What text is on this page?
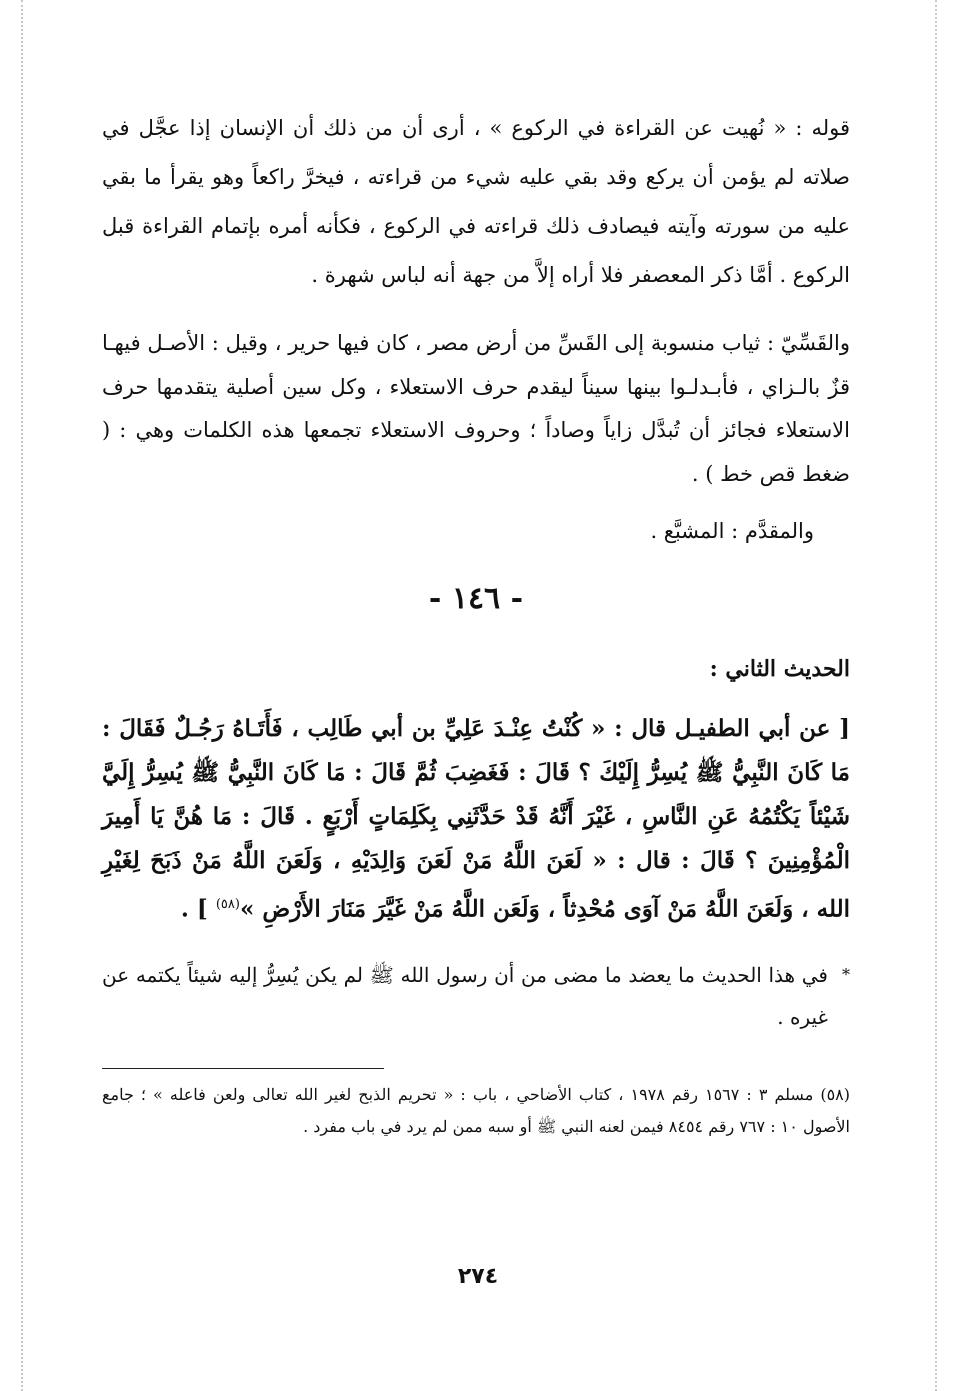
قوله : « نُهيت عن القراءة في الركوع » ، أرى أن من ذلك أن الإنسان إذا عجَّل في صلاته لم يؤمن أن يركع وقد بقي عليه شيء من قراءته ، فيخرَّ راكعاً وهو يقرأ ما بقي عليه من سورته وآيته فيصادف ذلك قراءته في الركوع ، فكأنه أمره بإتمام القراءة قبل الركوع . أمَّا ذكر المعصفر فلا أراه إلاَّ من جهة أنه لباس شهرة .

والقَسِّيّ : ثياب منسوبة إلى القَسِّ من أرض مصر ، كان فيها حرير ، وقيل : الأصـل فيهـا قزٌ بالـزاي ، فأبـدلـوا بينها سيناً ليقدم حرف الاستعلاء ، وكل سين أصلية يتقدمها حرف الاستعلاء فجائز أن تُبدَّل زاياً وصاداً ؛ وحروف الاستعلاء تجمعها هذه الكلمات وهي : ( ضغط قص خط ) .

والمقدَّم : المشبَّع .

- ١٤٦ -
الحديث الثاني :

[ عن أبي الطفيـل قال : « كُنْتُ عِنْـدَ عَلِيِّ بن أبي طَالِب ، فَأَتَـاهُ رَجُـلٌ فَقَالَ : مَا كَانَ النَّبِيُّ ﷺ يُسِرُّ إِلَيْكَ ؟ قَالَ : فَغَضِبَ ثُمَّ قَالَ : مَا كَانَ النَّبِيُّ ﷺ يُسِرُّ إِلَيَّ شَيْئاً يَكْتُمُهُ عَنِ النَّاسِ ، غَيْرَ أَنَّهُ قَدْ حَدَّثَنِي بِكَلِمَاتٍ أَرْبَعٍ . قَالَ : مَا هُنَّ يَا أَمِيرَ الْمُؤْمِنِينَ ؟ قَالَ : قال : « لَعَنَ اللَّهُ مَنْ لَعَنَ وَالِدَيْهِ ، وَلَعَنَ اللَّهُ مَنْ ذَبَحَ لِغَيْرِ الله ، وَلَعَنَ اللَّهُ مَنْ آوَى مُحْدِثاً ، وَلَعَن اللَّهُ مَنْ غَيَّرَ مَنَارَ الأَرْضِ »$^{(٥٨)}$ ] .

*
في هذا الحديث ما يعضد ما مضى من أن رسول الله ﷺ لم يكن يُسِرُّ إليه شيئاً يكتمه عن غيره .

(٥٨) مسلم ٣ : ١٥٦٧ رقم ١٩٧٨ ، كتاب الأضاحي ، باب : « تحريم الذبح لغير الله تعالى ولعن فاعله » ؛ جامع الأصول ١٠ : ٧٦٧ رقم ٨٤٥٤ فيمن لعنه النبي ﷺ أو سبه ممن لم يرد في باب مفرد .

٢٧٤
